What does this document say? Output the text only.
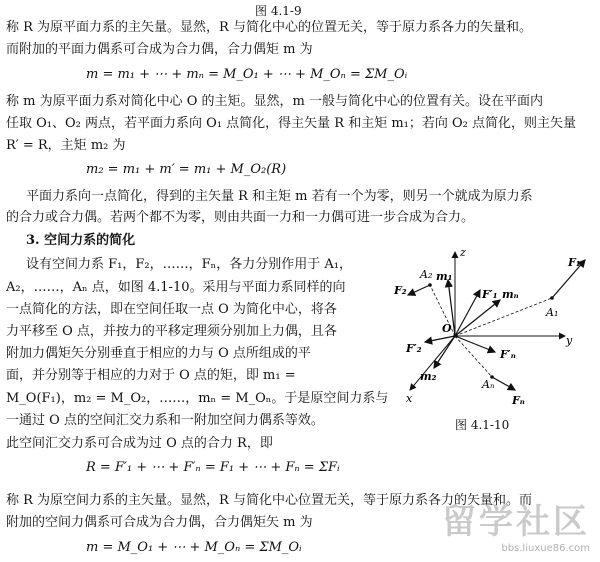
图 4.1-9
称 R 为原平面力系的主矢量。显然，R 与简化中心的位置无关，等于原力系各力的矢量和。
而附加的平面力偶系可合成为合力偶，合力偶矩 m 为
m = m₁ + ⋯ + mₙ = M_O₁ + ⋯ + M_Oₙ = ΣM_Oᵢ
称 m 为原平面力系对简化中心 O 的主矩。显然，m 一般与简化中心的位置有关。设在平面内
任取 O₁、O₂ 两点，若平面力系向 O₁ 点简化，得主矢量 R 和主矩 m₁；若向 O₂ 点简化，则主矢量
R′ = R，主矩 m₂ 为
m₂ = m₁ + m′ = m₁ + M_O₂(R)
平面力系向一点简化，得到的主矢量 R 和主矩 m 若有一个为零，则另一个就成为原力系
的合力或合力偶。若两个都不为零，则由共面一力和一力偶可进一步合成为合力。
3. 空间力系的简化
设有空间力系 F₁，F₂，……，Fₙ，各力分别作用于 A₁，
A₂，……，Aₙ 点，如图 4.1-10。采用与平面力系同样的向
一点简化的方法，即在空间任取一点 O 为简化中心，将各
力平移至 O 点，并按力的平移定理须分别加上力偶，且各
附加力偶矩矢分别垂直于相应的力与 O 点所组成的平
面，并分别等于相应的力对于 O 点的矩，即 m₁ =
M_O(F₁)，m₂ = M_O₂，……，mₙ = M_Oₙ。于是原空间力系与
一通过 O 点的空间汇交力系和一附加空间力偶系等效。
此空间汇交力系可合成为过 O 点的合力 R，即
R = F′₁ + ⋯ + F′ₙ = F₁ + ⋯ + Fₙ = ΣFᵢ
称 R 为原空间力系的主矢量。显然，R 与简化中心位置无关，等于原力系各力的矢量和。而
附加的空间力偶系可合成为合力偶，合力偶矩矢 m 为
m = M_O₁ + ⋯ + M_Oₙ = ΣM_Oᵢ
z
y
x
O
F₁
F₂
Fₙ
F′₁
F′₂	F′ₙ
A₁
A₂
Aₙ
m₁
m₂
mₙ
图 4.1-10
留学社区
bbs.liuxue86.com
